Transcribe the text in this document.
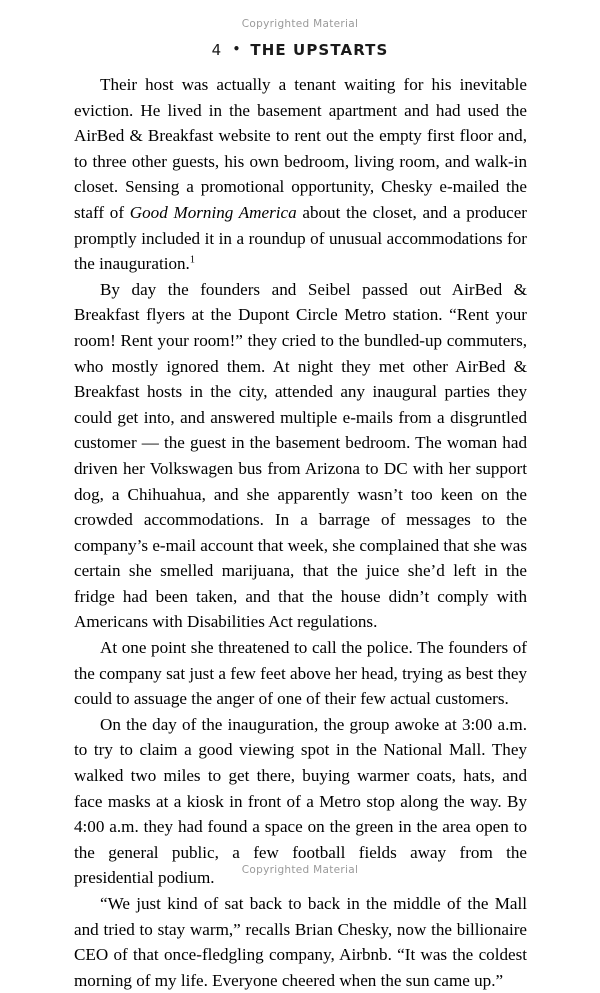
Copyrighted Material
4 • THE UPSTARTS

Their host was actually a tenant waiting for his inevitable eviction. He lived in the basement apartment and had used the AirBed & Breakfast website to rent out the empty first floor and, to three other guests, his own bedroom, living room, and walk-in closet. Sensing a promotional opportunity, Chesky e-mailed the staff of Good Morning America about the closet, and a producer promptly included it in a roundup of unusual accommodations for the inauguration.$^1$

By day the founders and Seibel passed out AirBed & Breakfast flyers at the Dupont Circle Metro station. “Rent your room! Rent your room!” they cried to the bundled-up commuters, who mostly ignored them. At night they met other AirBed & Breakfast hosts in the city, attended any inaugural parties they could get into, and answered multiple e-mails from a disgruntled customer — the guest in the basement bedroom. The woman had driven her Volkswagen bus from Arizona to DC with her support dog, a Chihuahua, and she apparently wasn’t too keen on the crowded accommodations. In a barrage of messages to the company’s e-mail account that week, she complained that she was certain she smelled marijuana, that the juice she’d left in the fridge had been taken, and that the house didn’t comply with Americans with Disabilities Act regulations.

At one point she threatened to call the police. The founders of the company sat just a few feet above her head, trying as best they could to assuage the anger of one of their few actual customers.

On the day of the inauguration, the group awoke at 3:00 a.m. to try to claim a good viewing spot in the National Mall. They walked two miles to get there, buying warmer coats, hats, and face masks at a kiosk in front of a Metro stop along the way. By 4:00 a.m. they had found a space on the green in the area open to the general public, a few football fields away from the presidential podium.

“We just kind of sat back to back in the middle of the Mall and tried to stay warm,” recalls Brian Chesky, now the billionaire CEO of that once-fledgling company, Airbnb. “It was the coldest morning of my life. Everyone cheered when the sun came up.”

Copyrighted Material
